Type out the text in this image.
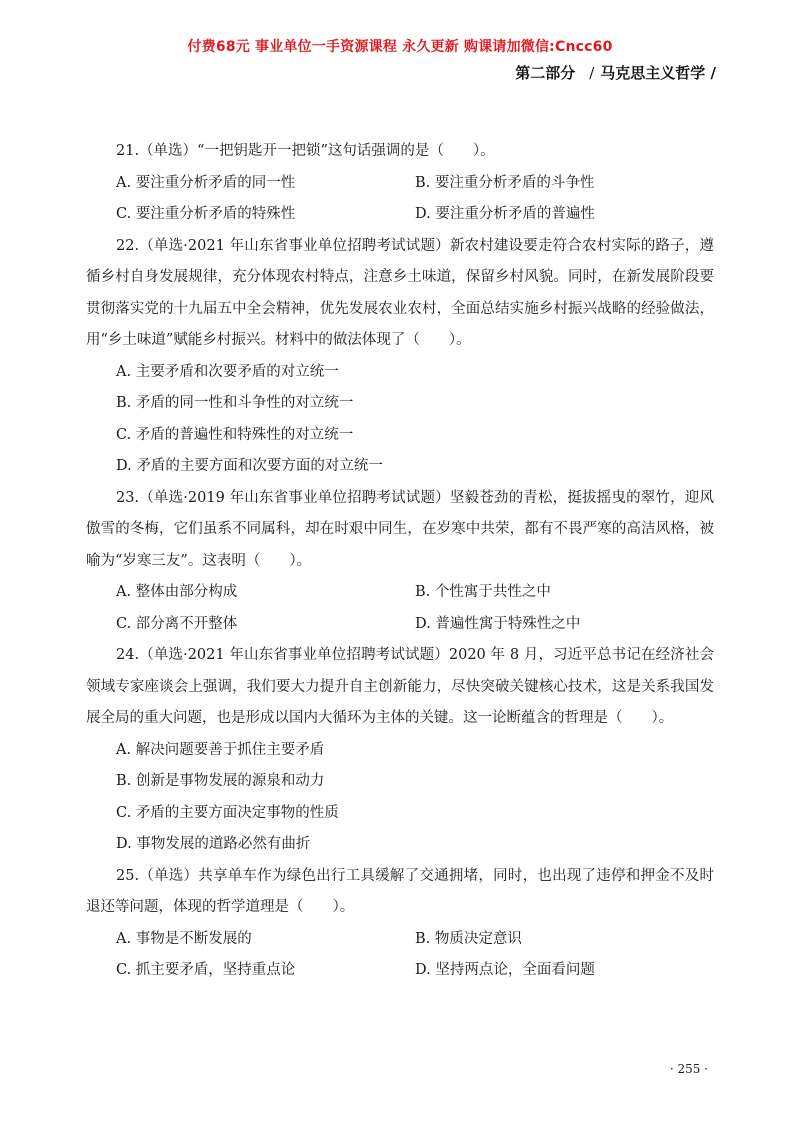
付费68元 事业单位一手资源课程 永久更新 购课请加微信:Cncc60
第二部分 / 马克思主义哲学 /
21.（单选）“一把钥匙开一把锁”这句话强调的是（　　）。
A. 要注重分析矛盾的同一性	B. 要注重分析矛盾的斗争性
C. 要注重分析矛盾的特殊性	D. 要注重分析矛盾的普遍性
22.（单选·2021 年山东省事业单位招聘考试试题）新农村建设要走符合农村实际的路子，遵循乡村自身发展规律，充分体现农村特点，注意乡土味道，保留乡村风貌。同时，在新发展阶段要贯彻落实党的十九届五中全会精神，优先发展农业农村，全面总结实施乡村振兴战略的经验做法，用“乡土味道”赋能乡村振兴。材料中的做法体现了（　　）。
A. 主要矛盾和次要矛盾的对立统一
B. 矛盾的同一性和斗争性的对立统一
C. 矛盾的普遍性和特殊性的对立统一
D. 矛盾的主要方面和次要方面的对立统一
23.（单选·2019 年山东省事业单位招聘考试试题）坚毅苍劲的青松，挺拔摇曳的翠竹，迎风傲雪的冬梅，它们虽系不同属科，却在时艰中同生，在岁寒中共荣，都有不畏严寒的高洁风格，被喻为“岁寒三友”。这表明（　　）。
A. 整体由部分构成	B. 个性寓于共性之中
C. 部分离不开整体	D. 普遍性寓于特殊性之中
24.（单选·2021 年山东省事业单位招聘考试试题）2020 年 8 月，习近平总书记在经济社会领域专家座谈会上强调，我们要大力提升自主创新能力，尽快突破关键核心技术，这是关系我国发展全局的重大问题，也是形成以国内大循环为主体的关键。这一论断蕴含的哲理是（　　）。
A. 解决问题要善于抓住主要矛盾
B. 创新是事物发展的源泉和动力
C. 矛盾的主要方面决定事物的性质
D. 事物发展的道路必然有曲折
25.（单选）共享单车作为绿色出行工具缓解了交通拥堵，同时，也出现了违停和押金不及时退还等问题，体现的哲学道理是（　　）。
A. 事物是不断发展的	B. 物质决定意识
C. 抓主要矛盾，坚持重点论	D. 坚持两点论，全面看问题
· 255 ·
